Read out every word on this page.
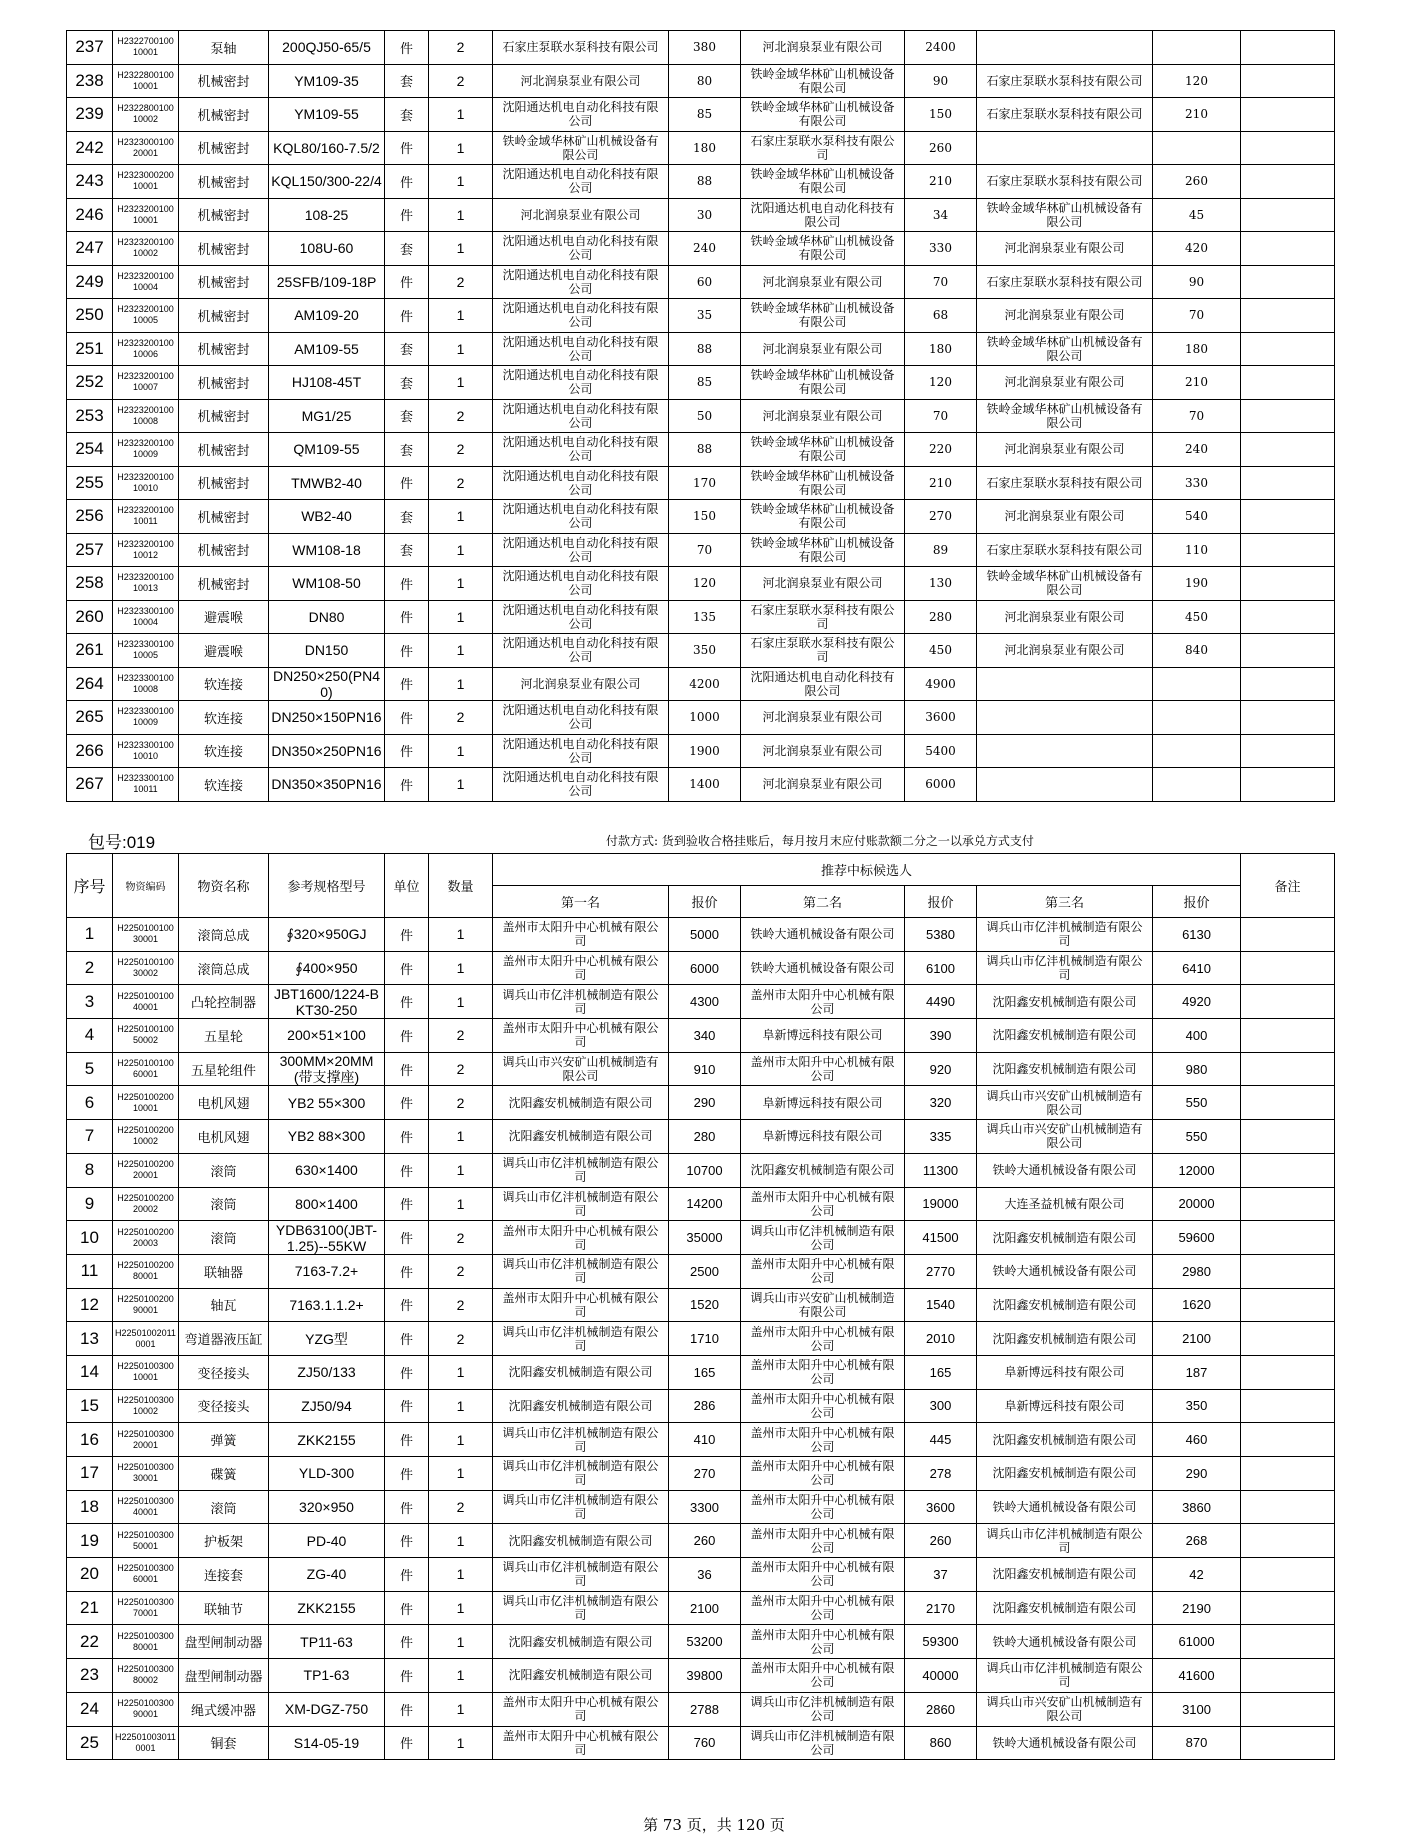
237	H232270010010001	泵轴	200QJ50-65/5	件	2	石家庄泵联水泵科技有限公司	380	河北润泉泵业有限公司	2400			
238	H232280010010001	机械密封	YM109-35	套	2	河北润泉泵业有限公司	80	铁岭金域华林矿山机械设备有限公司	90	石家庄泵联水泵科技有限公司	120	
239	H232280010010002	机械密封	YM109-55	套	1	沈阳通达机电自动化科技有限公司	85	铁岭金域华林矿山机械设备有限公司	150	石家庄泵联水泵科技有限公司	210	
242	H232300010020001	机械密封	KQL80/160-7.5/2	件	1	铁岭金域华林矿山机械设备有限公司	180	石家庄泵联水泵科技有限公司	260			
243	H232300020010001	机械密封	KQL150/300-22/4	件	1	沈阳通达机电自动化科技有限公司	88	铁岭金域华林矿山机械设备有限公司	210	石家庄泵联水泵科技有限公司	260	
246	H232320010010001	机械密封	108-25	件	1	河北润泉泵业有限公司	30	沈阳通达机电自动化科技有限公司	34	铁岭金域华林矿山机械设备有限公司	45	
247	H232320010010002	机械密封	108U-60	套	1	沈阳通达机电自动化科技有限公司	240	铁岭金域华林矿山机械设备有限公司	330	河北润泉泵业有限公司	420	
249	H232320010010004	机械密封	25SFB/109-18P	件	2	沈阳通达机电自动化科技有限公司	60	河北润泉泵业有限公司	70	石家庄泵联水泵科技有限公司	90	
250	H232320010010005	机械密封	AM109-20	件	1	沈阳通达机电自动化科技有限公司	35	铁岭金域华林矿山机械设备有限公司	68	河北润泉泵业有限公司	70	
251	H232320010010006	机械密封	AM109-55	套	1	沈阳通达机电自动化科技有限公司	88	河北润泉泵业有限公司	180	铁岭金域华林矿山机械设备有限公司	180	
252	H232320010010007	机械密封	HJ108-45T	套	1	沈阳通达机电自动化科技有限公司	85	铁岭金域华林矿山机械设备有限公司	120	河北润泉泵业有限公司	210	
253	H232320010010008	机械密封	MG1/25	套	2	沈阳通达机电自动化科技有限公司	50	河北润泉泵业有限公司	70	铁岭金域华林矿山机械设备有限公司	70	
254	H232320010010009	机械密封	QM109-55	套	2	沈阳通达机电自动化科技有限公司	88	铁岭金域华林矿山机械设备有限公司	220	河北润泉泵业有限公司	240	
255	H232320010010010	机械密封	TMWB2-40	件	2	沈阳通达机电自动化科技有限公司	170	铁岭金域华林矿山机械设备有限公司	210	石家庄泵联水泵科技有限公司	330	
256	H232320010010011	机械密封	WB2-40	套	1	沈阳通达机电自动化科技有限公司	150	铁岭金域华林矿山机械设备有限公司	270	河北润泉泵业有限公司	540	
257	H232320010010012	机械密封	WM108-18	套	1	沈阳通达机电自动化科技有限公司	70	铁岭金域华林矿山机械设备有限公司	89	石家庄泵联水泵科技有限公司	110	
258	H232320010010013	机械密封	WM108-50	件	1	沈阳通达机电自动化科技有限公司	120	河北润泉泵业有限公司	130	铁岭金域华林矿山机械设备有限公司	190	
260	H232330010010004	避震喉	DN80	件	1	沈阳通达机电自动化科技有限公司	135	石家庄泵联水泵科技有限公司	280	河北润泉泵业有限公司	450	
261	H232330010010005	避震喉	DN150	件	1	沈阳通达机电自动化科技有限公司	350	石家庄泵联水泵科技有限公司	450	河北润泉泵业有限公司	840	
264	H232330010010008	软连接	DN250×250(PN40)	件	1	河北润泉泵业有限公司	4200	沈阳通达机电自动化科技有限公司	4900			
265	H232330010010009	软连接	DN250×150PN16	件	2	沈阳通达机电自动化科技有限公司	1000	河北润泉泵业有限公司	3600			
266	H232330010010010	软连接	DN350×250PN16	件	1	沈阳通达机电自动化科技有限公司	1900	河北润泉泵业有限公司	5400			
267	H232330010010011	软连接	DN350×350PN16	件	1	沈阳通达机电自动化科技有限公司	1400	河北润泉泵业有限公司	6000			
包号:019	付款方式: 货到验收合格挂账后，每月按月末应付账款额二分之一以承兑方式支付
序号	物资编码	物资名称	参考规格型号	单位	数量	推荐中标候选人						备注
						第一名	报价	第二名	报价	第三名	报价	
1	H225010010030001	滚筒总成	∮320×950GJ	件	1	盖州市太阳升中心机械有限公司	5000	铁岭大通机械设备有限公司	5380	调兵山市亿沣机械制造有限公司	6130	
2	H225010010030002	滚筒总成	∮400×950	件	1	盖州市太阳升中心机械有限公司	6000	铁岭大通机械设备有限公司	6100	调兵山市亿沣机械制造有限公司	6410	
3	H225010010040001	凸轮控制器	JBT1600/1224-BKT30-250	件	1	调兵山市亿沣机械制造有限公司	4300	盖州市太阳升中心机械有限公司	4490	沈阳鑫安机械制造有限公司	4920	
4	H225010010050002	五星轮	200×51×100	件	2	盖州市太阳升中心机械有限公司	340	阜新博远科技有限公司	390	沈阳鑫安机械制造有限公司	400	
5	H225010010060001	五星轮组件	300MM×20MM(带支撑座)	件	2	调兵山市兴安矿山机械制造有限公司	910	盖州市太阳升中心机械有限公司	920	沈阳鑫安机械制造有限公司	980	
6	H225010020010001	电机风翅	YB2 55×300	件	2	沈阳鑫安机械制造有限公司	290	阜新博远科技有限公司	320	调兵山市兴安矿山机械制造有限公司	550	
7	H225010020010002	电机风翅	YB2 88×300	件	1	沈阳鑫安机械制造有限公司	280	阜新博远科技有限公司	335	调兵山市兴安矿山机械制造有限公司	550	
8	H225010020020001	滚筒	630×1400	件	1	调兵山市亿沣机械制造有限公司	10700	沈阳鑫安机械制造有限公司	11300	铁岭大通机械设备有限公司	12000	
9	H225010020020002	滚筒	800×1400	件	1	调兵山市亿沣机械制造有限公司	14200	盖州市太阳升中心机械有限公司	19000	大连圣益机械有限公司	20000	
10	H225010020020003	滚筒	YDB63100(JBT-1.25)--55KW	件	2	盖州市太阳升中心机械有限公司	35000	调兵山市亿沣机械制造有限公司	41500	沈阳鑫安机械制造有限公司	59600	
11	H225010020080001	联轴器	7163-7.2+	件	2	调兵山市亿沣机械制造有限公司	2500	盖州市太阳升中心机械有限公司	2770	铁岭大通机械设备有限公司	2980	
12	H225010020090001	轴瓦	7163.1.1.2+	件	2	盖州市太阳升中心机械有限公司	1520	调兵山市兴安矿山机械制造有限公司	1540	沈阳鑫安机械制造有限公司	1620	
13	H225010020110001	弯道器液压缸	YZG型	件	2	调兵山市亿沣机械制造有限公司	1710	盖州市太阳升中心机械有限公司	2010	沈阳鑫安机械制造有限公司	2100	
14	H225010030010001	变径接头	ZJ50/133	件	1	沈阳鑫安机械制造有限公司	165	盖州市太阳升中心机械有限公司	165	阜新博远科技有限公司	187	
15	H225010030010002	变径接头	ZJ50/94	件	1	沈阳鑫安机械制造有限公司	286	盖州市太阳升中心机械有限公司	300	阜新博远科技有限公司	350	
16	H225010030020001	弹簧	ZKK2155	件	1	调兵山市亿沣机械制造有限公司	410	盖州市太阳升中心机械有限公司	445	沈阳鑫安机械制造有限公司	460	
17	H225010030030001	碟簧	YLD-300	件	1	调兵山市亿沣机械制造有限公司	270	盖州市太阳升中心机械有限公司	278	沈阳鑫安机械制造有限公司	290	
18	H225010030040001	滚筒	320×950	件	2	调兵山市亿沣机械制造有限公司	3300	盖州市太阳升中心机械有限公司	3600	铁岭大通机械设备有限公司	3860	
19	H225010030050001	护板架	PD-40	件	1	沈阳鑫安机械制造有限公司	260	盖州市太阳升中心机械有限公司	260	调兵山市亿沣机械制造有限公司	268	
20	H225010030060001	连接套	ZG-40	件	1	调兵山市亿沣机械制造有限公司	36	盖州市太阳升中心机械有限公司	37	沈阳鑫安机械制造有限公司	42	
21	H225010030070001	联轴节	ZKK2155	件	1	调兵山市亿沣机械制造有限公司	2100	盖州市太阳升中心机械有限公司	2170	沈阳鑫安机械制造有限公司	2190	
22	H225010030080001	盘型闸制动器	TP11-63	件	1	沈阳鑫安机械制造有限公司	53200	盖州市太阳升中心机械有限公司	59300	铁岭大通机械设备有限公司	61000	
23	H225010030080002	盘型闸制动器	TP1-63	件	1	沈阳鑫安机械制造有限公司	39800	盖州市太阳升中心机械有限公司	40000	调兵山市亿沣机械制造有限公司	41600	
24	H225010030090001	绳式缓冲器	XM-DGZ-750	件	1	盖州市太阳升中心机械有限公司	2788	调兵山市亿沣机械制造有限公司	2860	调兵山市兴安矿山机械制造有限公司	3100	
25	H225010030110001	铜套	S14-05-19	件	1	盖州市太阳升中心机械有限公司	760	调兵山市亿沣机械制造有限公司	860	铁岭大通机械设备有限公司	870	
第 73 页，共 120 页
